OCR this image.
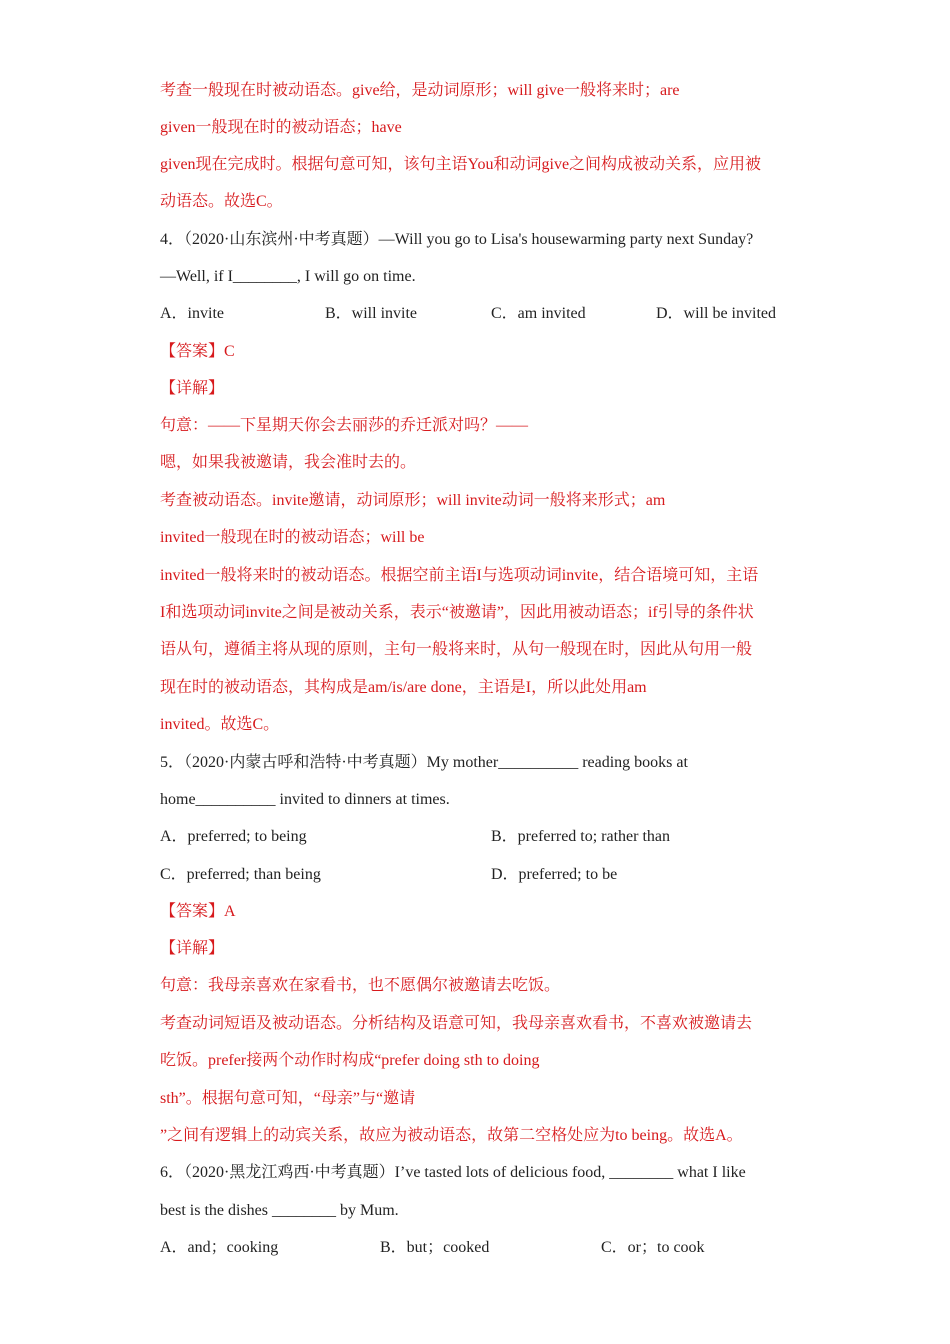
考查一般现在时被动语态。give给，是动词原形；will give一般将来时；are
given一般现在时的被动语态；have
given现在完成时。根据句意可知，该句主语You和动词give之间构成被动关系，应用被
动语态。故选C。
4．（2020·山东滨州·中考真题）—Will you go to Lisa's housewarming party next Sunday?
—Well, if I________, I will go on time.
A．invite	B．will invite	C．am invited	D．will be invited
【答案】C
【详解】
句意：——下星期天你会去丽莎的乔迁派对吗？——
嗯，如果我被邀请，我会准时去的。
考查被动语态。invite邀请，动词原形；will invite动词一般将来形式；am
invited一般现在时的被动语态；will be
invited一般将来时的被动语态。根据空前主语I与选项动词invite，结合语境可知，主语
I和选项动词invite之间是被动关系，表示“被邀请”，因此用被动语态；if引导的条件状
语从句，遵循主将从现的原则，主句一般将来时，从句一般现在时，因此从句用一般
现在时的被动语态，其构成是am/is/are done，主语是I，所以此处用am
invited。故选C。
5．（2020·内蒙古呼和浩特·中考真题）My mother__________ reading books at
home__________ invited to dinners at times.
A．preferred; to being	B．preferred to; rather than
C．preferred; than being	D．preferred; to be
【答案】A
【详解】
句意：我母亲喜欢在家看书，也不愿偶尔被邀请去吃饭。
考查动词短语及被动语态。分析结构及语意可知，我母亲喜欢看书，不喜欢被邀请去
吃饭。prefer接两个动作时构成“prefer doing sth to doing
sth”。根据句意可知，“母亲”与“邀请
”之间有逻辑上的动宾关系，故应为被动语态，故第二空格处应为to being。故选A。
6．（2020·黑龙江鸡西·中考真题）I’ve tasted lots of delicious food, ________ what I like
best is the dishes ________ by Mum.
A．and；cooking	B．but；cooked	C．or；to cook
